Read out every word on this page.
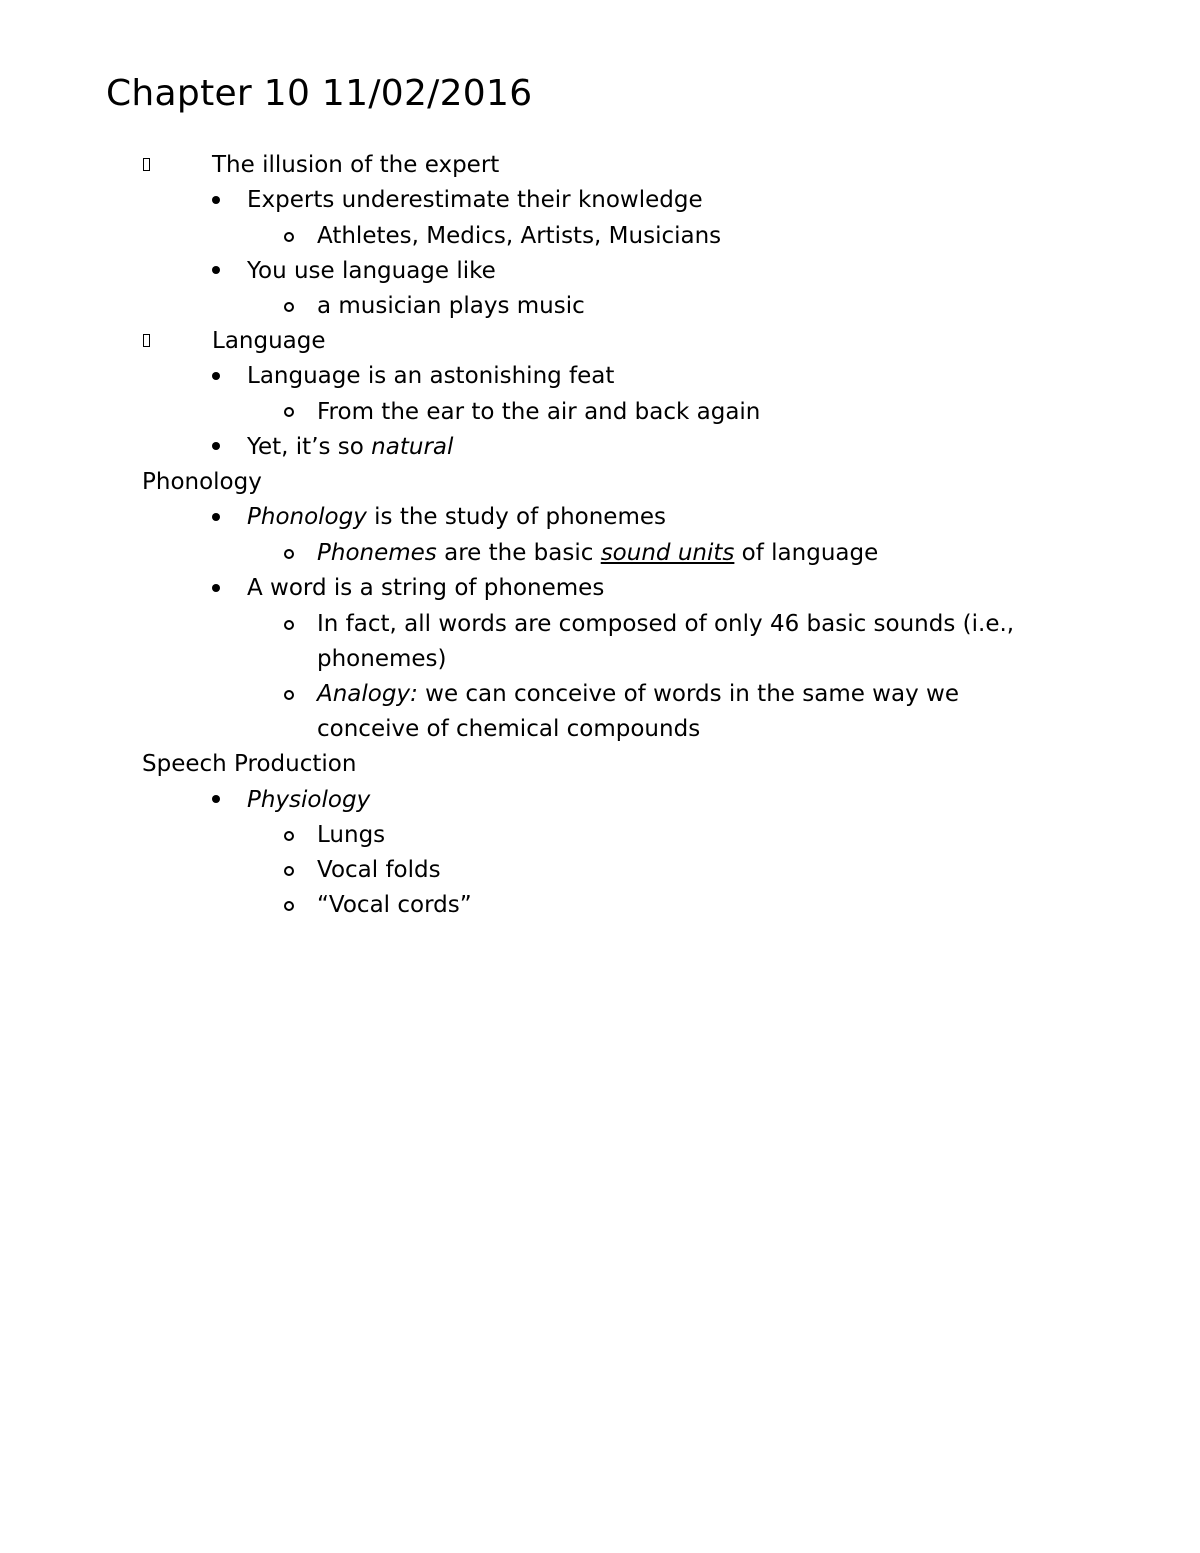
Chapter 10 11/02/2016
The illusion of the expert
Experts underestimate their knowledge
Athletes, Medics, Artists, Musicians
You use language like
a musician plays music
Language
Language is an astonishing feat
From the ear to the air and back again
Yet, it’s so natural
Phonology
Phonology is the study of phonemes
Phonemes are the basic sound units of language
A word is a string of phonemes
In fact, all words are composed of only 46 basic sounds (i.e.,
phonemes)
Analogy: we can conceive of words in the same way we
conceive of chemical compounds
Speech Production
Physiology
Lungs
Vocal folds
“Vocal cords”
